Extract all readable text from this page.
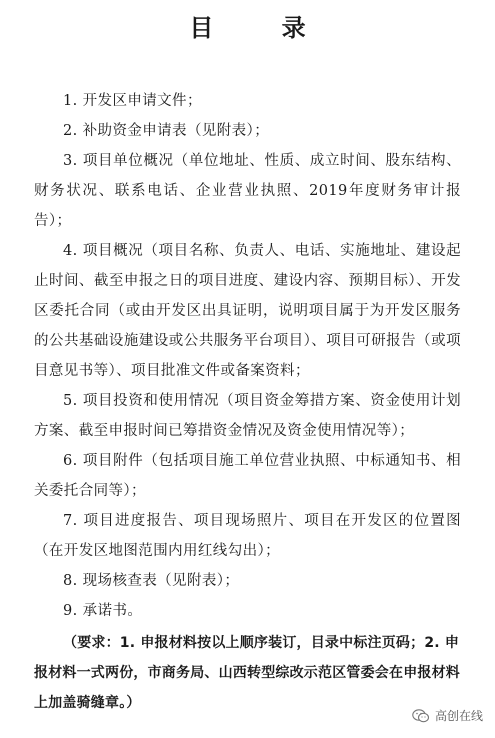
目 录

1. 开发区申请文件；

2. 补助资金申请表（见附表）；

3. 项目单位概况（单位地址、性质、成立时间、股东结构、财务状况、联系电话、企业营业执照、2019年度财务审计报告）；

4. 项目概况（项目名称、负责人、电话、实施地址、建设起止时间、截至申报之日的项目进度、建设内容、预期目标）、开发区委托合同（或由开发区出具证明，说明项目属于为开发区服务的公共基础设施建设或公共服务平台项目）、项目可研报告（或项目意见书等）、项目批准文件或备案资料；

5. 项目投资和使用情况（项目资金筹措方案、资金使用计划方案、截至申报时间已筹措资金情况及资金使用情况等）；

6. 项目附件（包括项目施工单位营业执照、中标通知书、相关委托合同等）；

7. 项目进度报告、项目现场照片、项目在开发区的位置图（在开发区地图范围内用红线勾出）；

8. 现场核查表（见附表）；

9. 承诺书。

（要求：1. 申报材料按以上顺序装订，目录中标注页码；2. 申报材料一式两份，市商务局、山西转型综改示范区管委会在申报材料上加盖骑缝章。）

高创在线
